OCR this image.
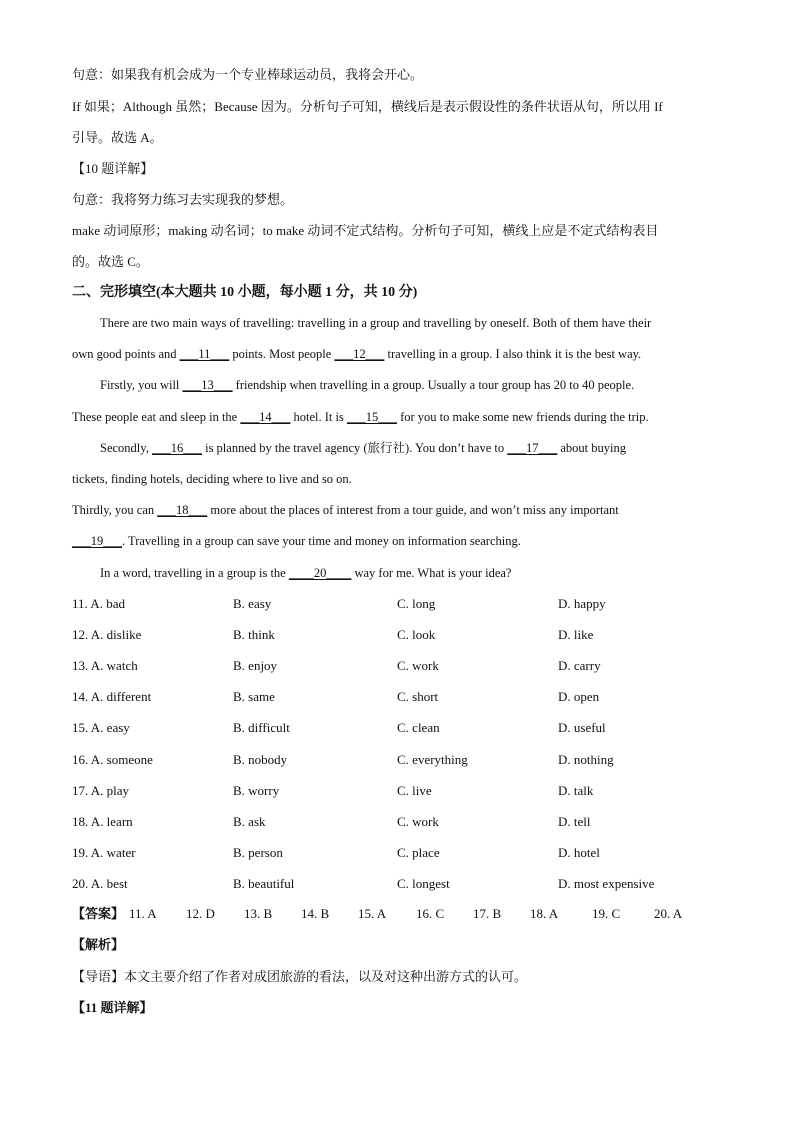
句意：如果我有机会成为一个专业棒球运动员，我将会开心。
If 如果；Although 虽然；Because 因为。分析句子可知，横线后是表示假设性的条件状语从句，所以用 If
引导。故选 A。
【10 题详解】
句意：我将努力练习去实现我的梦想。
make 动词原形；making 动名词；to make 动词不定式结构。分析句子可知，横线上应是不定式结构表目
的。故选 C。
二、完形填空(本大题共 10 小题，每小题 1 分，共 10 分)
There are two main ways of travelling: travelling in a group and travelling by oneself. Both of them have their
own good points and ___11___ points. Most people ___12___ travelling in a group. I also think it is the best way.
Firstly, you will ___13___ friendship when travelling in a group. Usually a tour group has 20 to 40 people.
These people eat and sleep in the ___14___ hotel. It is ___15___ for you to make some new friends during the trip.
Secondly, ___16___ is planned by the travel agency (旅行社). You don’t have to ___17___ about buying
tickets, finding hotels, deciding where to live and so on.
Thirdly, you can ___18___ more about the places of interest from a tour guide, and won’t miss any important
___19___. Travelling in a group can save your time and money on information searching.
In a word, travelling in a group is the ____20____ way for me. What is your idea?
11. A. bad	B. easy	C. long	D. happy
12. A. dislike	B. think	C. look	D. like
13. A. watch	B. enjoy	C. work	D. carry
14. A. different	B. same	C. short	D. open
15. A. easy	B. difficult	C. clean	D. useful
16. A. someone	B. nobody	C. everything	D. nothing
17. A. play	B. worry	C. live	D. talk
18. A. learn	B. ask	C. work	D. tell
19. A. water	B. person	C. place	D. hotel
20. A. best	B. beautiful	C. longest	D. most expensive
【答案】 11. A 12. D 13. B 14. B 15. A 16. C 17. B 18. A	19. C	20. A
【解析】
【导语】本文主要介绍了作者对成团旅游的看法，以及对这种出游方式的认可。
【11 题详解】
